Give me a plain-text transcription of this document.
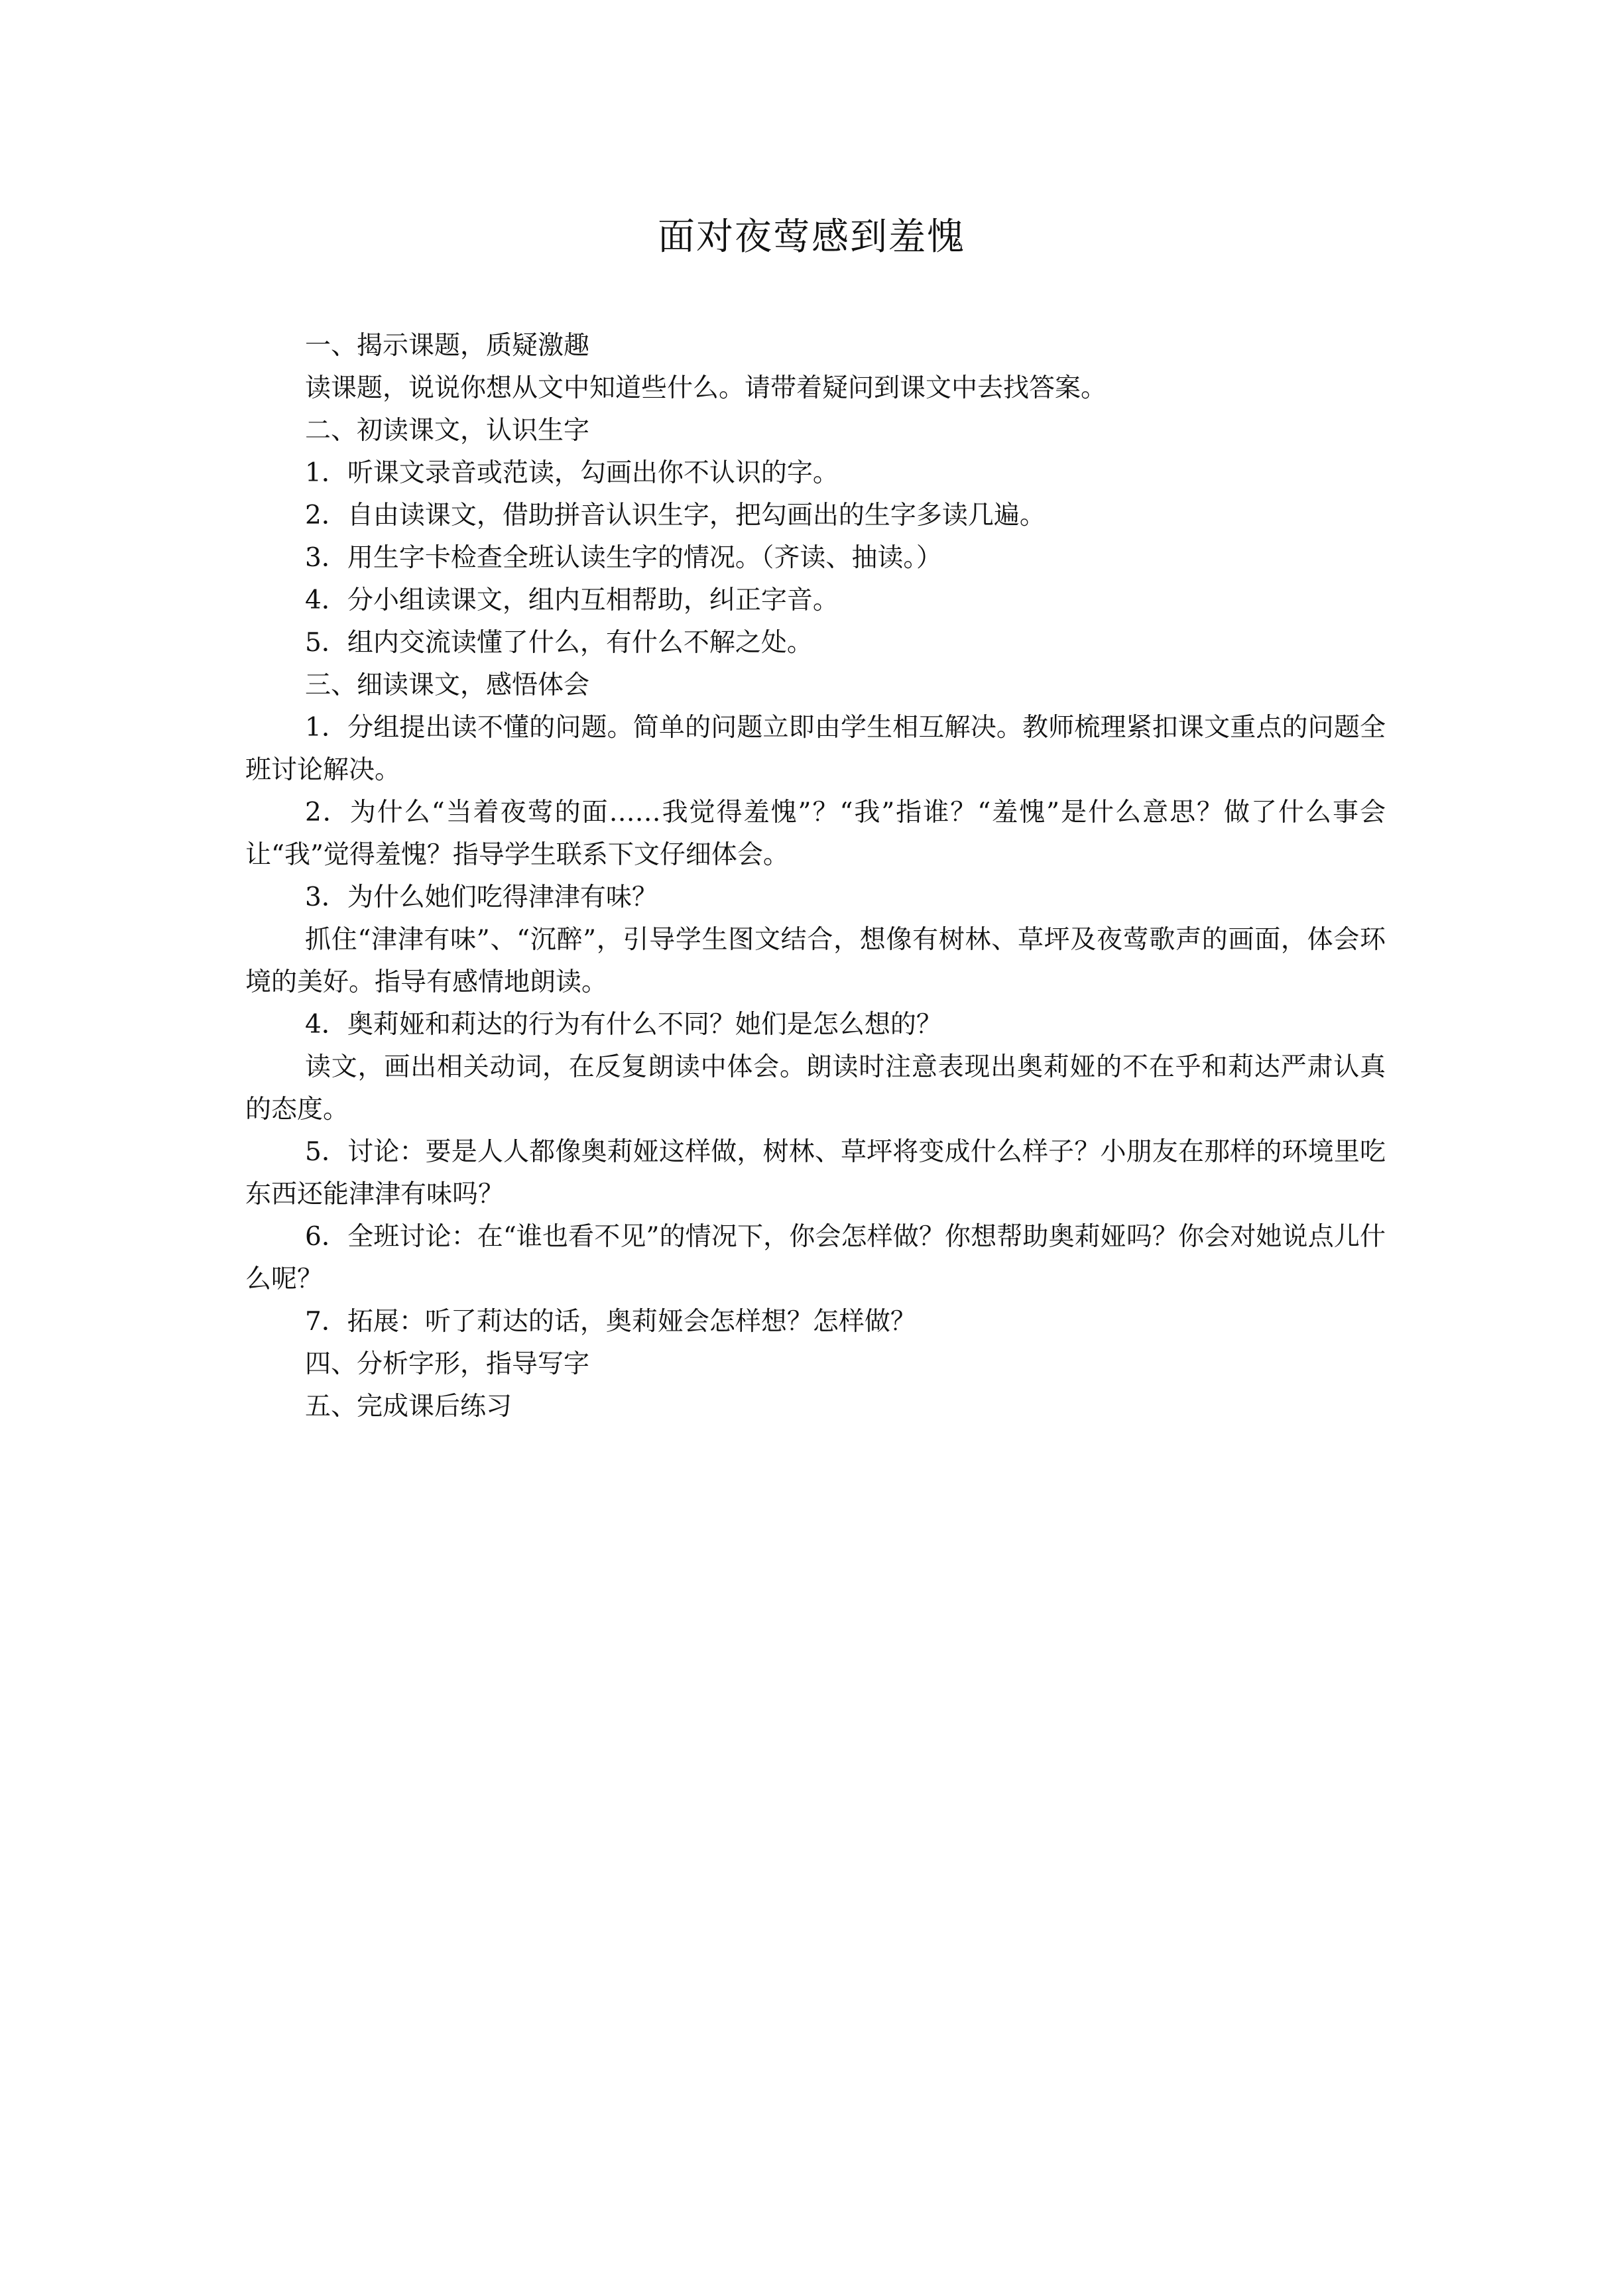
面对夜莺感到羞愧

一、揭示课题，质疑激趣

读课题，说说你想从文中知道些什么。请带着疑问到课文中去找答案。

二、初读课文，认识生字

1．听课文录音或范读，勾画出你不认识的字。

2．自由读课文，借助拼音认识生字，把勾画出的生字多读几遍。

3．用生字卡检查全班认读生字的情况。（齐读、抽读。）

4．分小组读课文，组内互相帮助，纠正字音。

5．组内交流读懂了什么，有什么不解之处。

三、细读课文，感悟体会

1．分组提出读不懂的问题。简单的问题立即由学生相互解决。教师梳理紧扣课文重点的问题全班讨论解决。

2．为什么“当着夜莺的面……我觉得羞愧”？“我”指谁？“羞愧”是什么意思？做了什么事会让“我”觉得羞愧？指导学生联系下文仔细体会。

3．为什么她们吃得津津有味？

抓住“津津有味”、“沉醉”，引导学生图文结合，想像有树林、草坪及夜莺歌声的画面，体会环境的美好。指导有感情地朗读。

4．奥莉娅和莉达的行为有什么不同？她们是怎么想的？

读文，画出相关动词，在反复朗读中体会。朗读时注意表现出奥莉娅的不在乎和莉达严肃认真的态度。

5．讨论：要是人人都像奥莉娅这样做，树林、草坪将变成什么样子？小朋友在那样的环境里吃东西还能津津有味吗？

6．全班讨论：在“谁也看不见”的情况下，你会怎样做？你想帮助奥莉娅吗？你会对她说点儿什么呢？

7．拓展：听了莉达的话，奥莉娅会怎样想？怎样做？

四、分析字形，指导写字

五、完成课后练习
